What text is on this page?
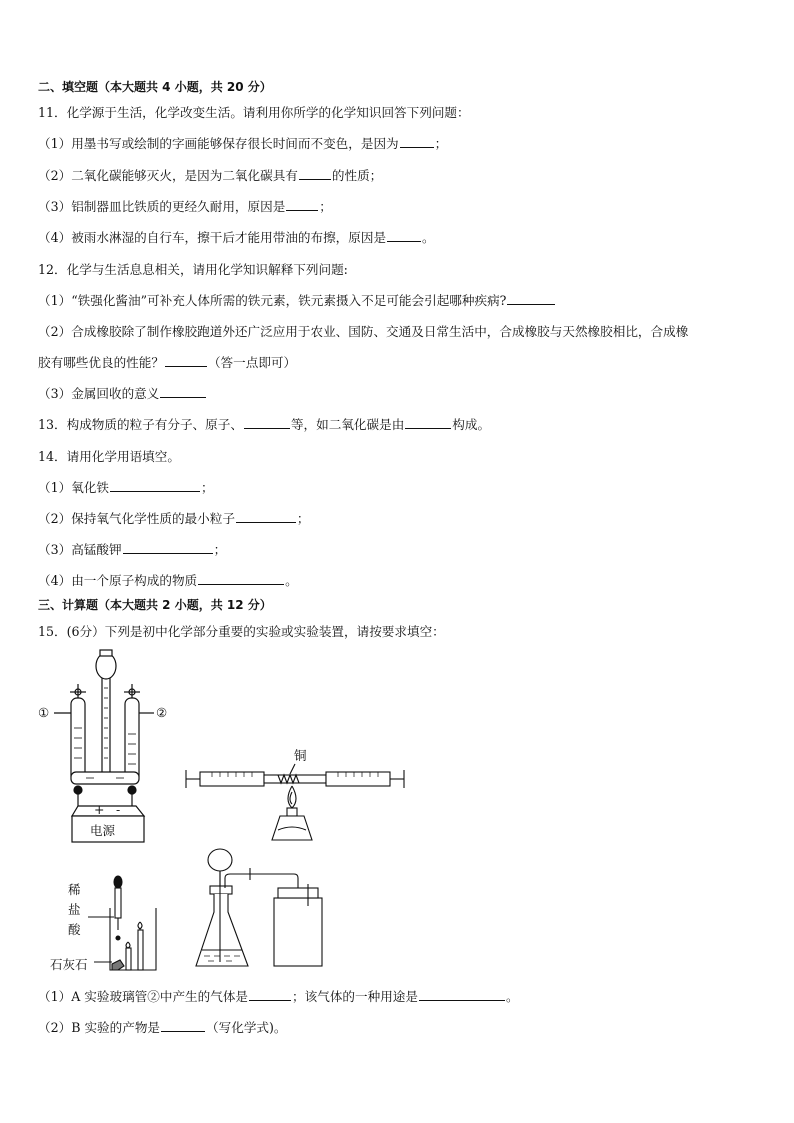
二、填空题（本大题共 4 小题，共 20 分）
11．化学源于生活，化学改变生活。请利用你所学的化学知识回答下列问题：
（1）用墨书写或绘制的字画能够保存很长时间而不变色，是因为	；
（2）二氧化碳能够灭火，是因为二氧化碳具有	的性质；
（3）铝制器皿比铁质的更经久耐用，原因是	；
（4）被雨水淋湿的自行车，擦干后才能用带油的布擦，原因是	。
12．化学与生活息息相关，请用化学知识解释下列问题:
（1）“铁强化酱油”可补充人体所需的铁元素，铁元素摄入不足可能会引起哪种疾病?
（2）合成橡胶除了制作橡胶跑道外还广泛应用于农业、国防、交通及日常生活中，合成橡胶与天然橡胶相比，合成橡
胶有哪些优良的性能？	（答一点即可）
（3）金属回收的意义
13．构成物质的粒子有分子、原子、	等，如二氧化碳是由	构成。
14．请用化学用语填空。
（1）氧化铁	；
（2）保持氧气化学性质的最小粒子	；
（3）高锰酸钾	；
（4）由一个原子构成的物质	。
三、计算题（本大题共 2 小题，共 12 分）
15．(6分）下列是初中化学部分重要的实验或实验装置，请按要求填空：
①	②
+ -
电源
铜
稀
盐
酸
石灰石
（1）A 实验玻璃管②中产生的气体是	；该气体的一种用途是	。
（2）B 实验的产物是	（写化学式)。
